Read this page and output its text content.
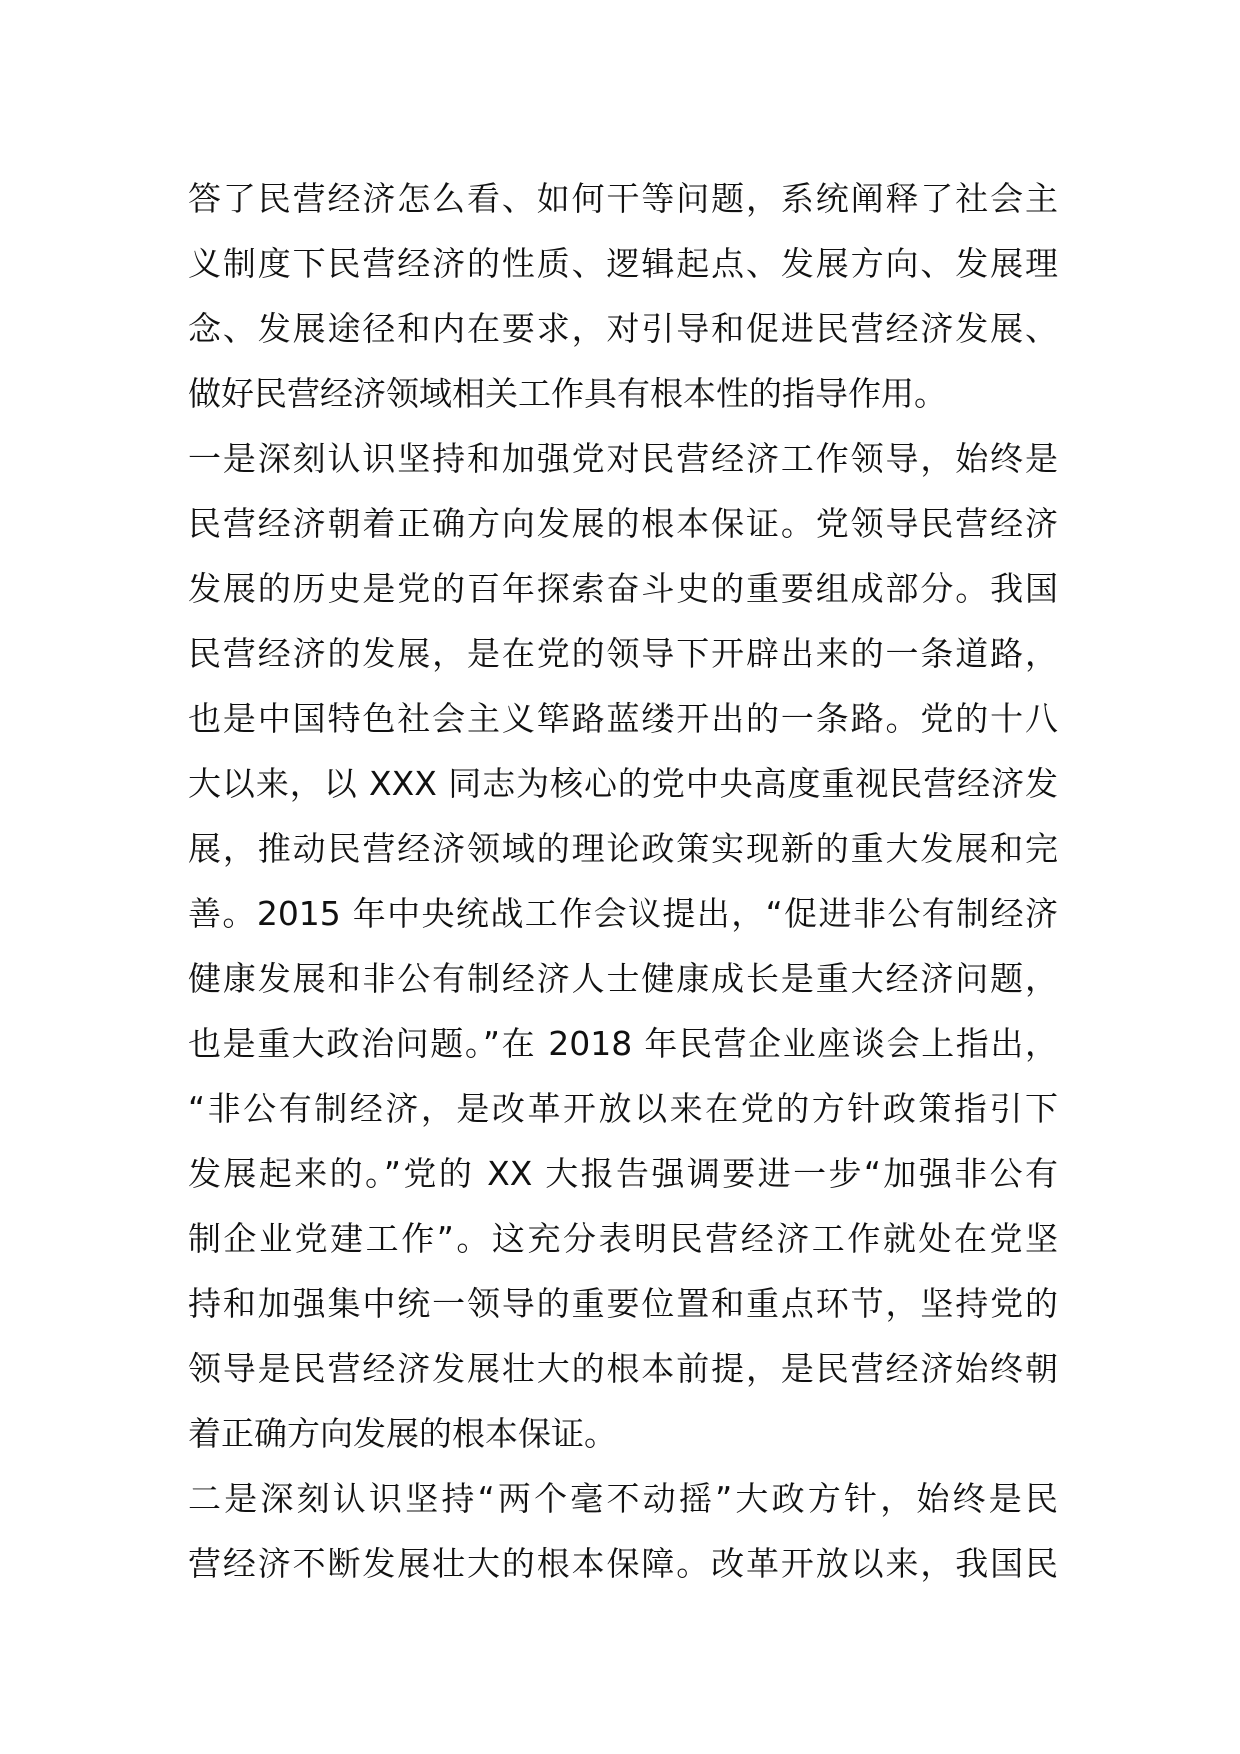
答了民营经济怎么看、如何干等问题，系统阐释了社会主
义制度下民营经济的性质、逻辑起点、发展方向、发展理
念、发展途径和内在要求，对引导和促进民营经济发展、
做好民营经济领域相关工作具有根本性的指导作用。
一是深刻认识坚持和加强党对民营经济工作领导，始终是
民营经济朝着正确方向发展的根本保证。党领导民营经济
发展的历史是党的百年探索奋斗史的重要组成部分。我国
民营经济的发展，是在党的领导下开辟出来的一条道路，
也是中国特色社会主义筚路蓝缕开出的一条路。党的十八
大以来，以 XXX 同志为核心的党中央高度重视民营经济发
展，推动民营经济领域的理论政策实现新的重大发展和完
善。2015 年中央统战工作会议提出，“促进非公有制经济
健康发展和非公有制经济人士健康成长是重大经济问题，
也是重大政治问题。”在 2018 年民营企业座谈会上指出，
“非公有制经济，是改革开放以来在党的方针政策指引下
发展起来的。”党的 XX 大报告强调要进一步“加强非公有
制企业党建工作”。这充分表明民营经济工作就处在党坚
持和加强集中统一领导的重要位置和重点环节，坚持党的
领导是民营经济发展壮大的根本前提，是民营经济始终朝
着正确方向发展的根本保证。
二是深刻认识坚持“两个毫不动摇”大政方针，始终是民
营经济不断发展壮大的根本保障。改革开放以来，我国民
